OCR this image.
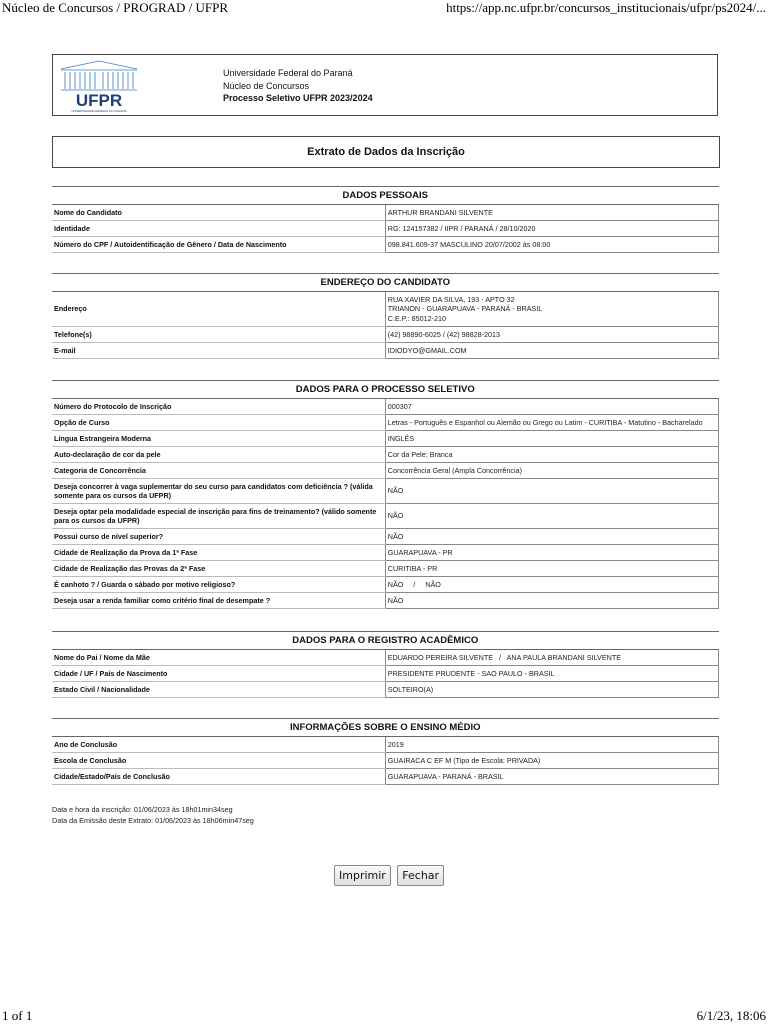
Núcleo de Concursos / PROGRAD / UFPR	https://app.nc.ufpr.br/concursos_institucionais/ufpr/ps2024/...
UFPR
UNIVERSIDADE FEDERAL DO PARANÁ
Universidade Federal do Paraná
Núcleo de Concursos
Processo Seletivo UFPR 2023/2024
Extrato de Dados da Inscrição
DADOS PESSOAIS	
Nome do Candidato	ARTHUR BRANDANI SILVENTE
Identidade	RG: 124157382 / IIPR / PARANÁ / 28/10/2020
Número do CPF / Autoidentificação de Gênero / Data de Nascimento	098.841.609-37 MASCULINO 20/07/2002 às 08:00
ENDEREÇO DO CANDIDATO	
Endereço	RUA XAVIER DA SILVA, 193 - APTO 32
TRIANON - GUARAPUAVA - PARANÁ - BRASIL
C.E.P.: 85012-210

Telefone(s)	(42) 98890-6025 / (42) 98828-2013
E-mail	IDIODYO@GMAIL.COM
DADOS PARA O PROCESSO SELETIVO	
Número do Protocolo de Inscrição	000307
Opção de Curso	Letras - Português e Espanhol ou Alemão ou Grego ou Latim - CURITIBA - Matutino - Bacharelado
Língua Estrangeira Moderna	INGLÊS
Auto-declaração de cor da pele	Cor da Pele: Branca
Categoria de Concorrência	Concorrência Geral (Ampla Concorrência)
Deseja concorrer à vaga suplementar do seu curso para candidatos com deficiência ? (válida somente para os cursos da UFPR)	NÃO
Deseja optar pela modalidade especial de inscrição para fins de treinamento? (válido somente para os cursos da UFPR)	NÃO
Possui curso de nível superior?	NÃO
Cidade de Realização da Prova da 1ª Fase	GUARAPUAVA - PR
Cidade de Realização das Provas da 2ª Fase	CURITIBA - PR
É canhoto ? / Guarda o sábado por motivo religioso?	NÃO     /     NÃO
Deseja usar a renda familiar como critério final de desempate ?	NÃO
DADOS PARA O REGISTRO ACADÊMICO	
Nome do Pai / Nome da Mãe	EDUARDO PEREIRA SILVENTE   /   ANA PAULA BRANDANI SILVENTE
Cidade / UF / País de Nascimento	PRESIDENTE PRUDENTE - SAO PAULO - BRASIL
Estado Civil / Nacionalidade	SOLTEIRO(A)
INFORMAÇÕES SOBRE O ENSINO MÉDIO	
Ano de Conclusão	2019
Escola de Conclusão	GUAIRACA C EF M (Tipo de Escola: PRIVADA)
Cidade/Estado/País de Conclusão	GUARAPUAVA - PARANÁ - BRASIL
Data e hora da inscrição: 01/06/2023 às 18h01min34seg
Data da Emissão deste Extrato: 01/06/2023 às 18h06min47seg
Imprimir Fechar
1 of 1	6/1/23, 18:06
